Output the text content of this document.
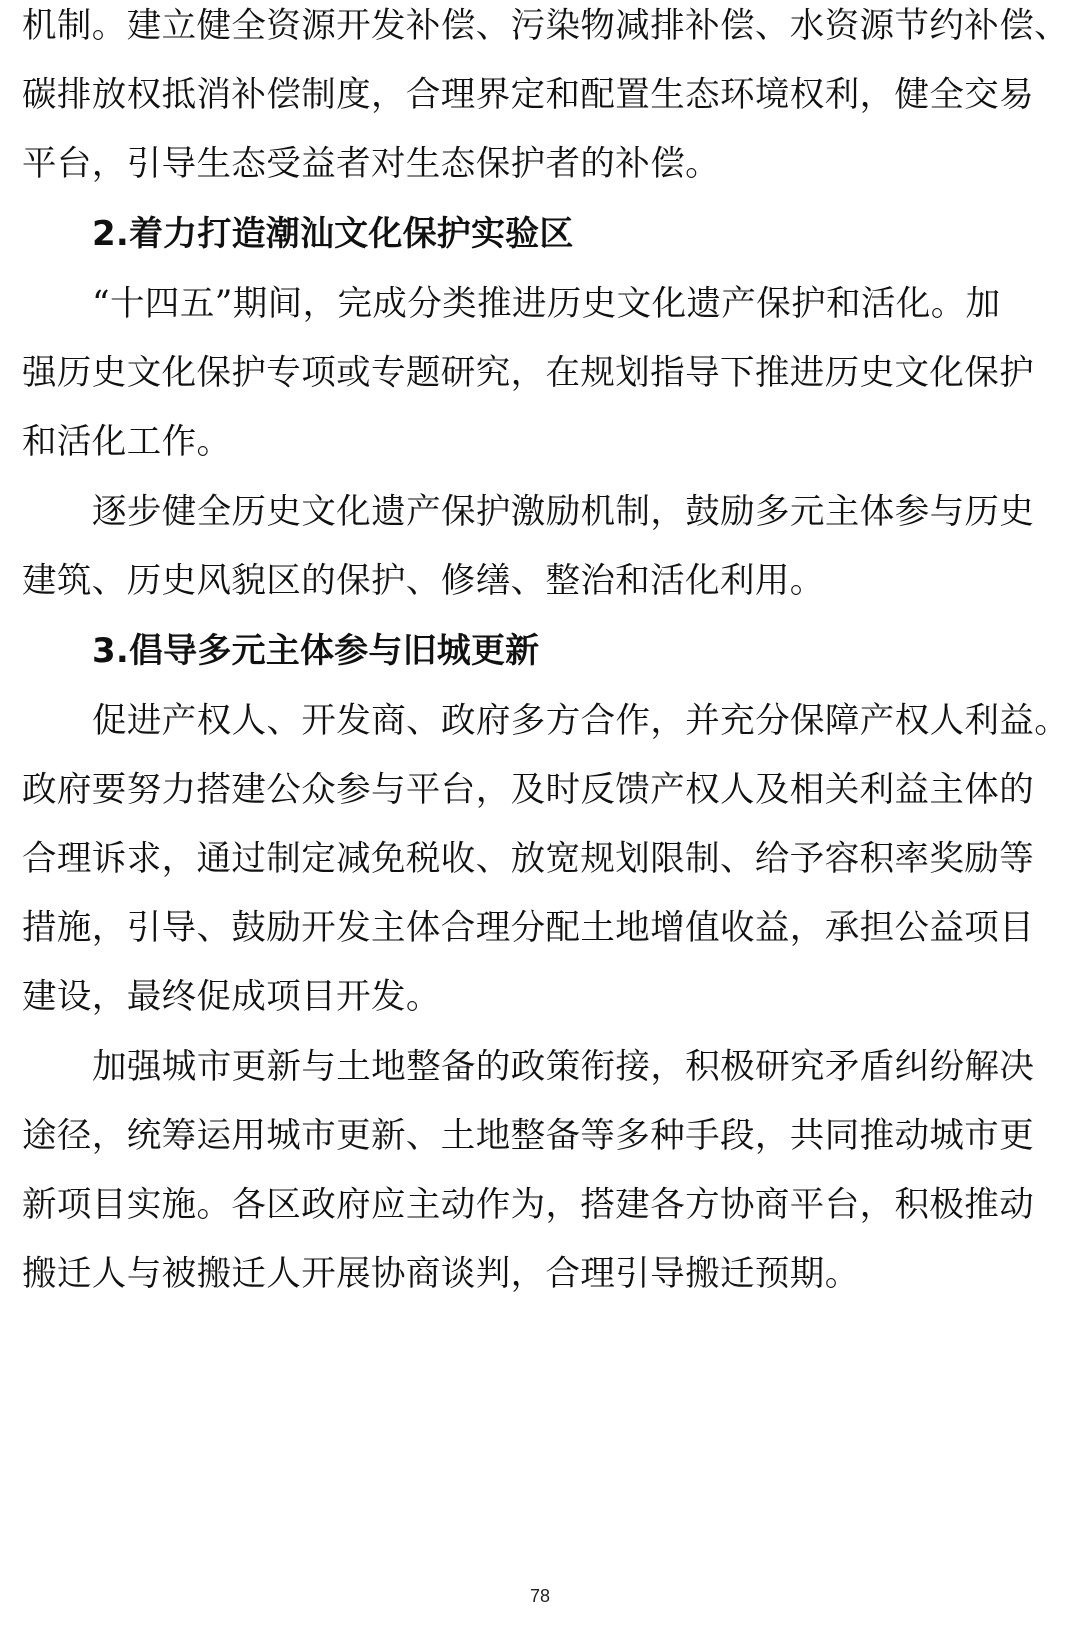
机制。建立健全资源开发补偿、污染物减排补偿、水资源节约补偿、
碳排放权抵消补偿制度，合理界定和配置生态环境权利，健全交易
平台，引导生态受益者对生态保护者的补偿。
2.着力打造潮汕文化保护实验区
“十四五”期间，完成分类推进历史文化遗产保护和活化。加
强历史文化保护专项或专题研究，在规划指导下推进历史文化保护
和活化工作。
逐步健全历史文化遗产保护激励机制，鼓励多元主体参与历史
建筑、历史风貌区的保护、修缮、整治和活化利用。
3.倡导多元主体参与旧城更新
促进产权人、开发商、政府多方合作，并充分保障产权人利益。
政府要努力搭建公众参与平台，及时反馈产权人及相关利益主体的
合理诉求，通过制定减免税收、放宽规划限制、给予容积率奖励等
措施，引导、鼓励开发主体合理分配土地增值收益，承担公益项目
建设，最终促成项目开发。
加强城市更新与土地整备的政策衔接，积极研究矛盾纠纷解决
途径，统筹运用城市更新、土地整备等多种手段，共同推动城市更
新项目实施。各区政府应主动作为，搭建各方协商平台，积极推动
搬迁人与被搬迁人开展协商谈判，合理引导搬迁预期。
78
